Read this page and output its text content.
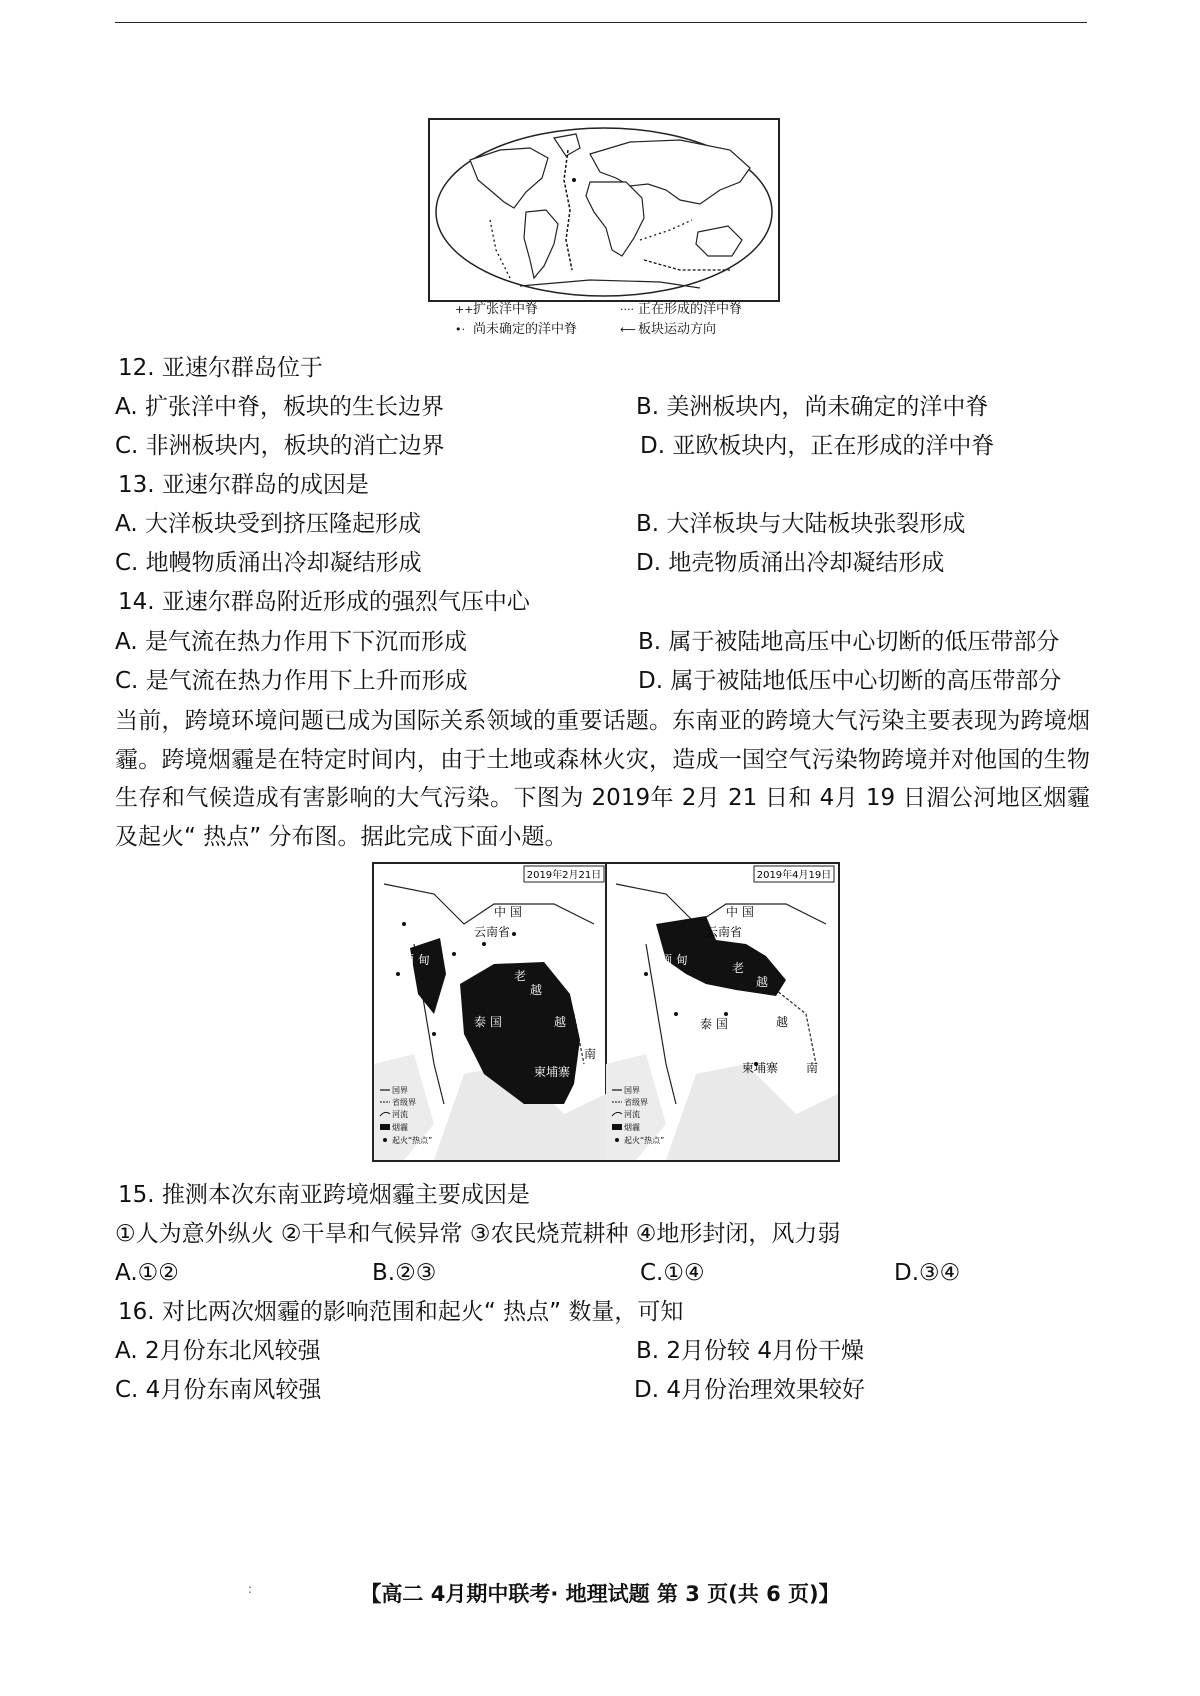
++扩张洋中脊	···· 正在形成的洋中脊
•· 尚未确定的洋中脊	⟵ 板块运动方向
12. 亚速尔群岛位于
A. 扩张洋中脊，板块的生长边界	B. 美洲板块内，尚未确定的洋中脊
C. 非洲板块内，板块的消亡边界	D. 亚欧板块内，正在形成的洋中脊
13. 亚速尔群岛的成因是
A. 大洋板块受到挤压隆起形成	B. 大洋板块与大陆板块张裂形成
C. 地幔物质涌出冷却凝结形成	D. 地壳物质涌出冷却凝结形成
14. 亚速尔群岛附近形成的强烈气压中心
A. 是气流在热力作用下下沉而形成	B. 属于被陆地高压中心切断的低压带部分
C. 是气流在热力作用下上升而形成	D. 属于被陆地低压中心切断的高压带部分
当前，跨境环境问题已成为国际关系领域的重要话题。东南亚的跨境大气污染主要表现为跨境烟霾。跨境烟霾是在特定时间内，由于土地或森林火灾，造成一国空气污染物跨境并对他国的生物生存和气候造成有害影响的大气污染。下图为 2019年 2月 21 日和 4月 19 日湄公河地区烟霾及起火“ 热点” 分布图。据此完成下面小题。
2019年2月21日
中 国
云南省
缅 甸
老
越
泰 国	越
柬埔寨
南
国界
省级界
河流
烟霾
起火“热点”
2019年4月19日
中 国
云南省
缅 甸
老
越
泰 国	越
柬埔寨 南
国界
省级界
河流
烟霾
起火“热点”
15. 推测本次东南亚跨境烟霾主要成因是
①人为意外纵火 ②干旱和气候异常 ③农民烧荒耕种 ④地形封闭，风力弱
A.①②	B.②③	C.①④	D.③④
16. 对比两次烟霾的影响范围和起火“ 热点” 数量，可知
A. 2月份东北风较强	B. 2月份较 4月份干燥
C. 4月份东南风较强	D. 4月份治理效果较好
:	【高二 4月期中联考· 地理试题 第 3 页(共 6 页)】
